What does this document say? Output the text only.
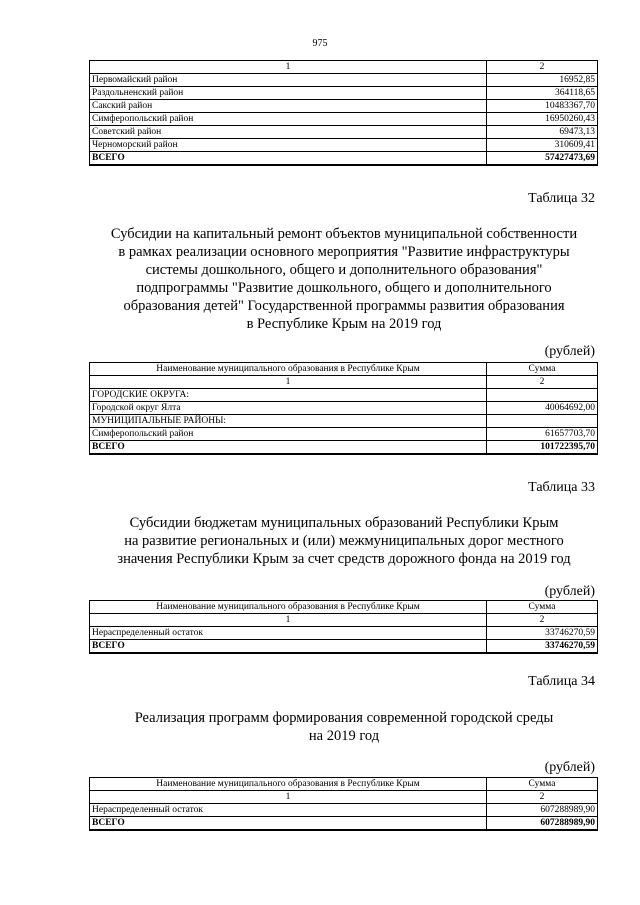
975
1	2
Первомайский район	16952,85
Раздольненский район	364118,65
Сакский район	10483367,70
Симферопольский район	16950260,43
Советский район	69473,13
Черноморский район	310609,41
ВСЕГО	57427473,69
Таблица 32
Субсидии на капитальный ремонт объектов муниципальной собственности
в рамках реализации основного мероприятия "Развитие инфраструктуры
системы дошкольного, общего и дополнительного образования"
подпрограммы "Развитие дошкольного, общего и дополнительного
образования детей" Государственной программы развития образования
в Республике Крым на 2019 год
(рублей)
Наименование муниципального образования в Республике Крым	Сумма
1	2
ГОРОДСКИЕ ОКРУГА:	
Городской округ Ялта	40064692,00
МУНИЦИПАЛЬНЫЕ РАЙОНЫ:	
Симферопольский район	61657703,70
ВСЕГО	101722395,70
Таблица 33
Субсидии бюджетам муниципальных образований Республики Крым
на развитие региональных и (или) межмуниципальных дорог местного
значения Республики Крым за счет средств дорожного фонда на 2019 год
(рублей)
Наименование муниципального образования в Республике Крым	Сумма
1	2
Нераспределенный остаток	33746270,59
ВСЕГО	33746270,59
Таблица 34
Реализация программ формирования современной городской среды
на 2019 год
(рублей)
Наименование муниципального образования в Республике Крым	Сумма
1	2
Нераспределенный остаток	607288989,90
ВСЕГО	607288989,90
